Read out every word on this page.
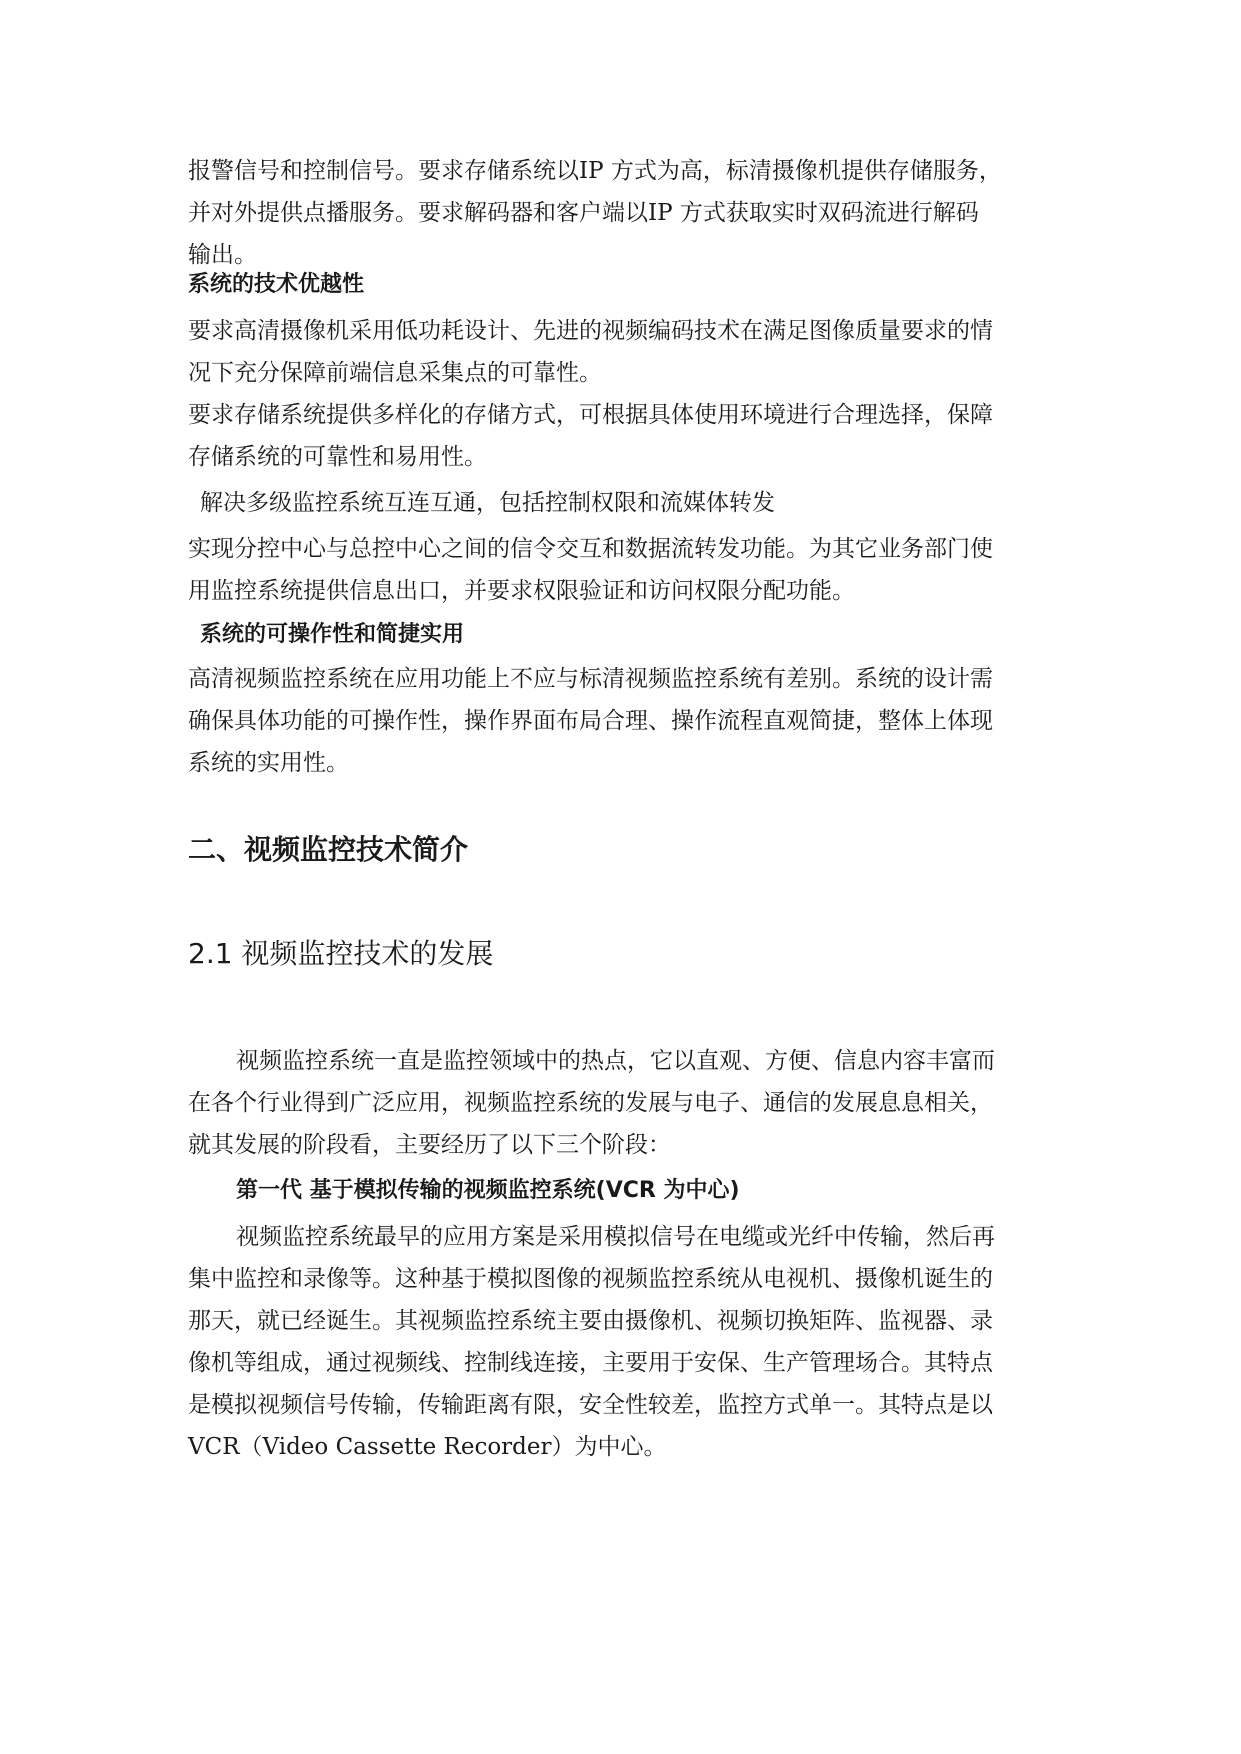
报警信号和控制信号。要求存储系统以IP 方式为高，标清摄像机提供存储服务，

并对外提供点播服务。要求解码器和客户端以IP 方式获取实时双码流进行解码

输出。

系统的技术优越性

要求高清摄像机采用低功耗设计、先进的视频编码技术在满足图像质量要求的情

况下充分保障前端信息采集点的可靠性。

要求存储系统提供多样化的存储方式，可根据具体使用环境进行合理选择，保障

存储系统的可靠性和易用性。

解决多级监控系统互连互通，包括控制权限和流媒体转发

实现分控中心与总控中心之间的信令交互和数据流转发功能。为其它业务部门使

用监控系统提供信息出口，并要求权限验证和访问权限分配功能。

系统的可操作性和简捷实用

高清视频监控系统在应用功能上不应与标清视频监控系统有差别。系统的设计需

确保具体功能的可操作性，操作界面布局合理、操作流程直观简捷，整体上体现

系统的实用性。

二、视频监控技术简介

2.1 视频监控技术的发展

视频监控系统一直是监控领域中的热点，它以直观、方便、信息内容丰富而

在各个行业得到广泛应用，视频监控系统的发展与电子、通信的发展息息相关，

就其发展的阶段看，主要经历了以下三个阶段：

第一代 基于模拟传输的视频监控系统(VCR 为中心)

视频监控系统最早的应用方案是采用模拟信号在电缆或光纤中传输，然后再

集中监控和录像等。这种基于模拟图像的视频监控系统从电视机、摄像机诞生的

那天，就已经诞生。其视频监控系统主要由摄像机、视频切换矩阵、监视器、录

像机等组成，通过视频线、控制线连接，主要用于安保、生产管理场合。其特点

是模拟视频信号传输，传输距离有限，安全性较差，监控方式单一。其特点是以

VCR（Video Cassette Recorder）为中心。
